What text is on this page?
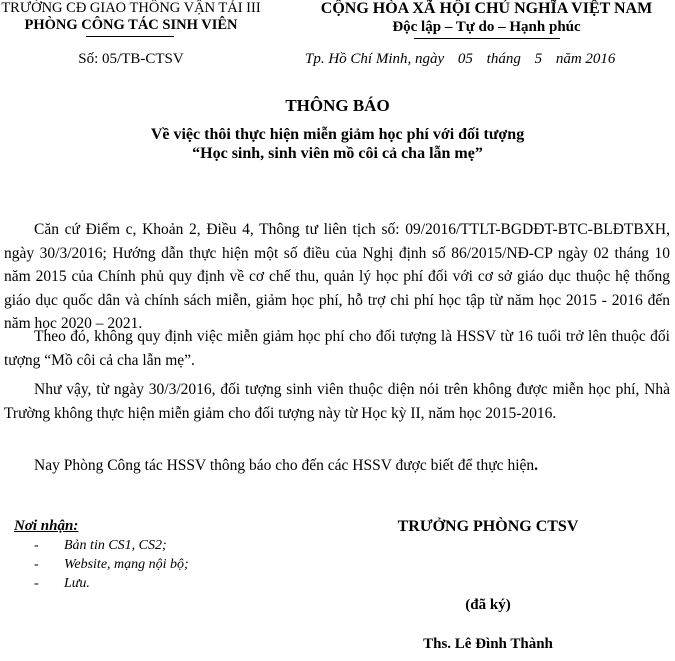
TRƯỜNG CĐ GIAO THÔNG VẬN TẢI III
PHÒNG CÔNG TÁC SINH VIÊN
Số: 05/TB-CTSV
CỘNG HÒA XÃ HỘI CHỦ NGHĨA VIỆT NAM
Độc lập – Tự do – Hạnh phúc
Tp. Hồ Chí Minh, ngày 05 tháng 5 năm 2016
THÔNG BÁO
Về việc thôi thực hiện miễn giảm học phí với đối tượng
“Học sinh, sinh viên mồ côi cả cha lẫn mẹ”

Căn cứ Điểm c, Khoản 2, Điều 4, Thông tư liên tịch số: 09/2016/TTLT-BGDĐT-BTC-BLĐTBXH, ngày 30/3/2016; Hướng dẫn thực hiện một số điều của Nghị định số 86/2015/NĐ-CP ngày 02 tháng 10 năm 2015 của Chính phủ quy định về cơ chế thu, quản lý học phí đối với cơ sở giáo dục thuộc hệ thống giáo dục quốc dân và chính sách miễn, giảm học phí, hỗ trợ chi phí học tập từ năm học 2015 - 2016 đến năm học 2020 – 2021.

Theo đó, không quy định việc miễn giảm học phí cho đối tượng là HSSV từ 16 tuổi trở lên thuộc đối tượng “Mồ côi cả cha lẫn mẹ”.

Như vậy, từ ngày 30/3/2016, đối tượng sinh viên thuộc diện nói trên không được miễn học phí, Nhà Trường không thực hiện miễn giảm cho đối tượng này từ Học kỳ II, năm học 2015-2016.

Nay Phòng Công tác HSSV thông báo cho đến các HSSV được biết để thực hiện.

Nơi nhận:
- Bản tin CS1, CS2;
- Website, mạng nội bộ;
- Lưu.
TRƯỞNG PHÒNG CTSV
(đã ký)
Ths. Lê Đình Thành
